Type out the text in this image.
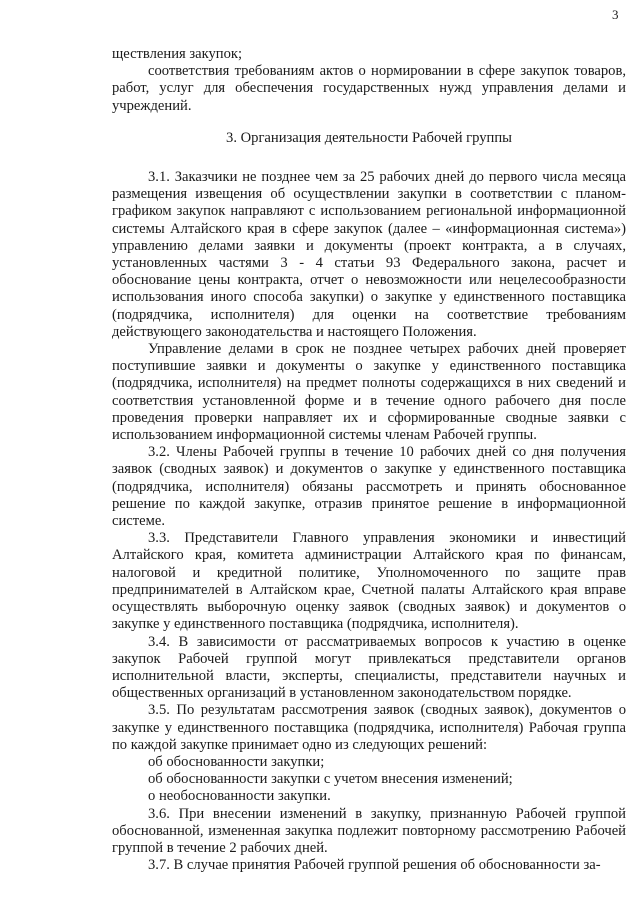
3

ществления закупок;

соответствия требованиям актов о нормировании в сфере закупок товаров, работ, услуг для обеспечения государственных нужд управления делами и учреждений.

3. Организация деятельности Рабочей группы

3.1. Заказчики не позднее чем за 25 рабочих дней до первого числа месяца размещения извещения об осуществлении закупки в соответствии с планом-графиком закупок направляют с использованием региональной информационной системы Алтайского края в сфере закупок (далее – «информационная система») управлению делами заявки и документы (проект контракта, а в случаях, установленных частями 3 - 4 статьи 93 Федерального закона, расчет и обоснование цены контракта, отчет о невозможности или нецелесообразности использования иного способа закупки) о закупке у единственного поставщика (подрядчика, исполнителя) для оценки на соответствие требованиям действующего законодательства и настоящего Положения.

Управление делами в срок не позднее четырех рабочих дней проверяет поступившие заявки и документы о закупке у единственного поставщика (подрядчика, исполнителя) на предмет полноты содержащихся в них сведений и соответствия установленной форме и в течение одного рабочего дня после проведения проверки направляет их и сформированные сводные заявки с использованием информационной системы членам Рабочей группы.

3.2. Члены Рабочей группы в течение 10 рабочих дней со дня получения заявок (сводных заявок) и документов о закупке у единственного поставщика (подрядчика, исполнителя) обязаны рассмотреть и принять обоснованное решение по каждой закупке, отразив принятое решение в информационной системе.

3.3. Представители Главного управления экономики и инвестиций Алтайского края, комитета администрации Алтайского края по финансам, налоговой и кредитной политике, Уполномоченного по защите прав предпринимателей в Алтайском крае, Счетной палаты Алтайского края вправе осуществлять выборочную оценку заявок (сводных заявок) и документов о закупке у единственного поставщика (подрядчика, исполнителя).

3.4. В зависимости от рассматриваемых вопросов к участию в оценке закупок Рабочей группой могут привлекаться представители органов исполнительной власти, эксперты, специалисты, представители научных и общественных организаций в установленном законодательством порядке.

3.5. По результатам рассмотрения заявок (сводных заявок), документов о закупке у единственного поставщика (подрядчика, исполнителя) Рабочая группа по каждой закупке принимает одно из следующих решений:

об обоснованности закупки;

об обоснованности закупки с учетом внесения изменений;

о необоснованности закупки.

3.6. При внесении изменений в закупку, признанную Рабочей группой обоснованной, измененная закупка подлежит повторному рассмотрению Рабочей группой в течение 2 рабочих дней.

3.7. В случае принятия Рабочей группой решения об обоснованности за-
